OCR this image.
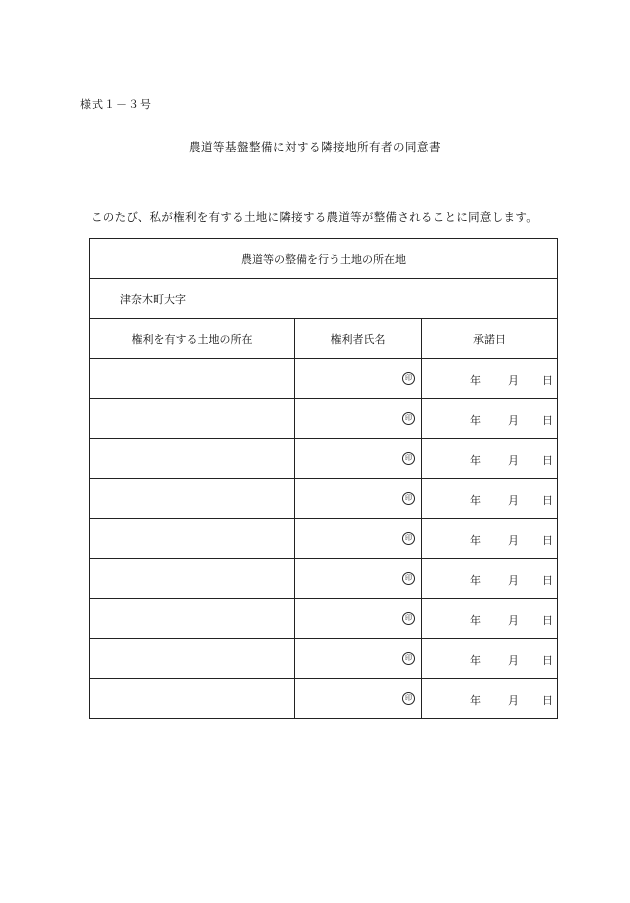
様式１－３号
農道等基盤整備に対する隣接地所有者の同意書
このたび、私が権利を有する土地に隣接する農道等が整備されることに同意します。
農道等の整備を行う土地の所在地		
津奈木町大字		
権利を有する土地の所在	権利者氏名	承諾日
	印	年 月 日

	印	年 月 日

	印	年 月 日

	印	年 月 日

	印	年 月 日

	印	年 月 日

	印	年 月 日

	印	年 月 日

	印	年 月 日
